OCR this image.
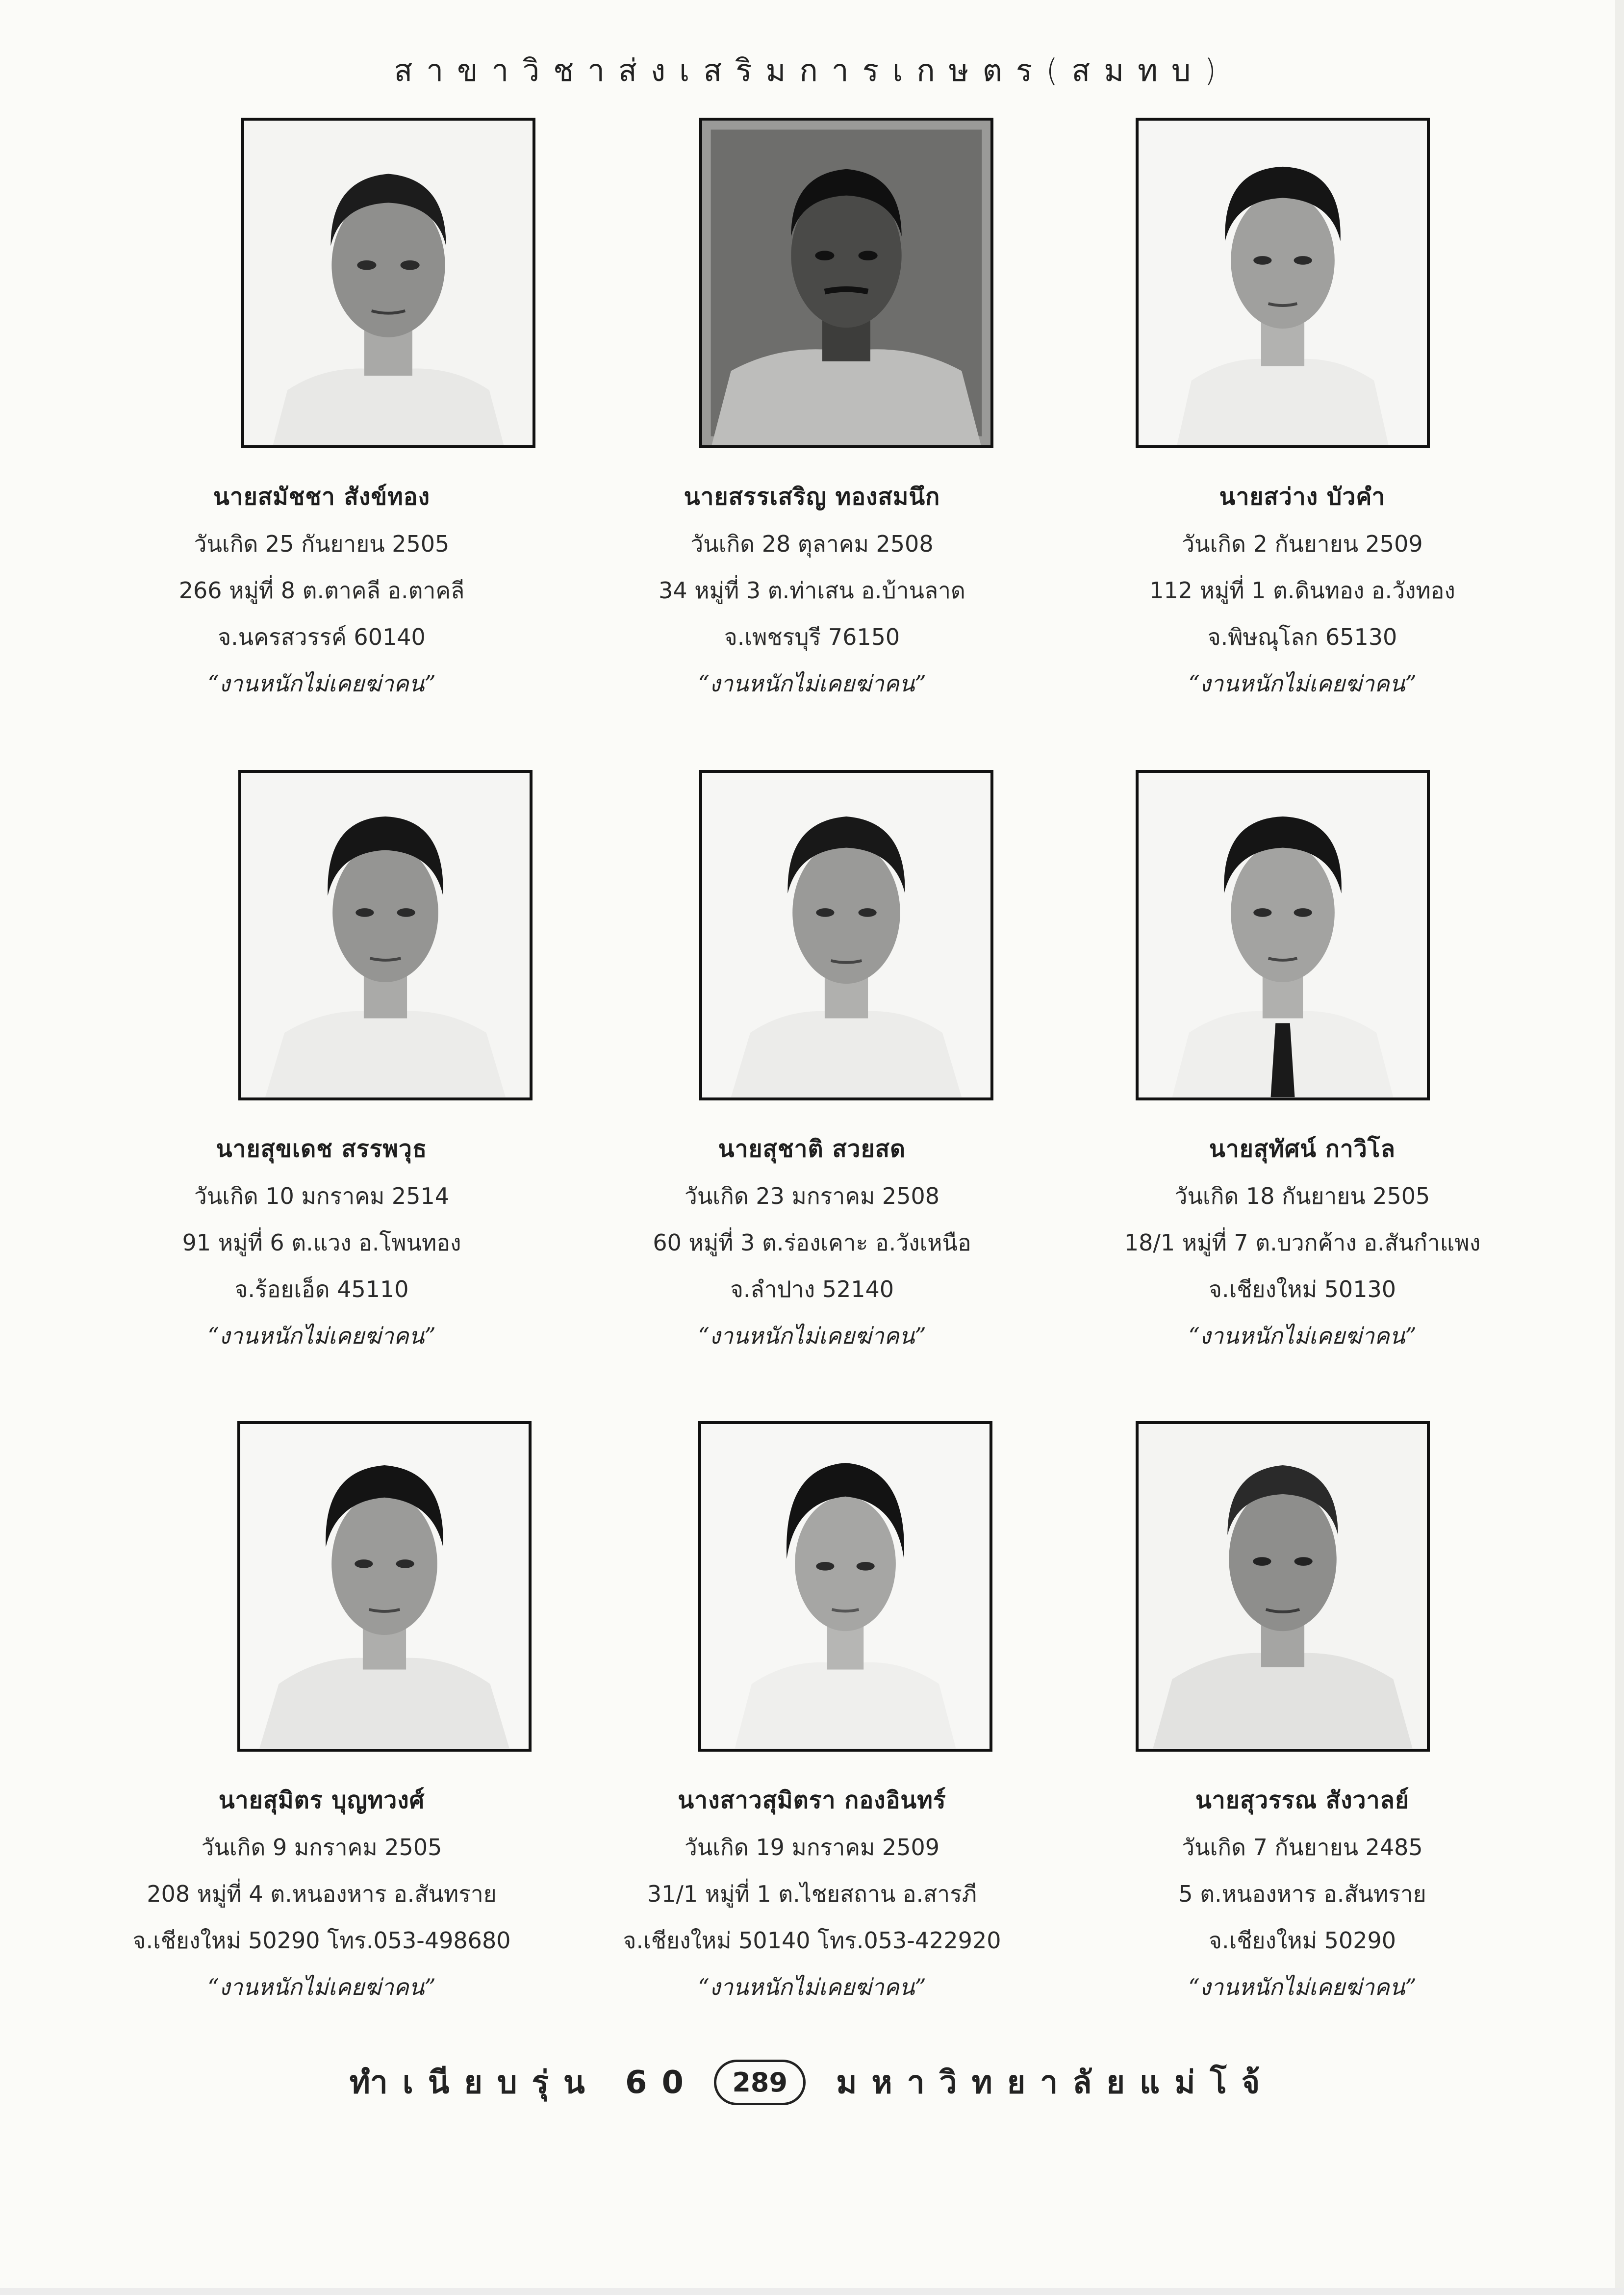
สาขาวิชาส่งเสริมการเกษตร(สมทบ)
นายสมัชชา สังข์ทอง
วันเกิด 25 กันยายน 2505
266 หมู่ที่ 8 ต.ตาคลี อ.ตาคลี
จ.นครสวรรค์ 60140
“งานหนักไม่เคยฆ่าคน”
นายสรรเสริญ ทองสมนึก
วันเกิด 28 ตุลาคม 2508
34 หมู่ที่ 3 ต.ท่าเสน อ.บ้านลาด
จ.เพชรบุรี 76150
“งานหนักไม่เคยฆ่าคน”
นายสว่าง บัวคำ
วันเกิด 2 กันยายน 2509
112 หมู่ที่ 1 ต.ดินทอง อ.วังทอง
จ.พิษณุโลก 65130
“งานหนักไม่เคยฆ่าคน”
นายสุขเดช สรรพวุธ
วันเกิด 10 มกราคม 2514
91 หมู่ที่ 6 ต.แวง อ.โพนทอง
จ.ร้อยเอ็ด 45110
“งานหนักไม่เคยฆ่าคน”
นายสุชาติ สวยสด
วันเกิด 23 มกราคม 2508
60 หมู่ที่ 3 ต.ร่องเคาะ อ.วังเหนือ
จ.ลำปาง 52140
“งานหนักไม่เคยฆ่าคน”
นายสุทัศน์ กาวิโล
วันเกิด 18 กันยายน 2505
18/1 หมู่ที่ 7 ต.บวกค้าง อ.สันกำแพง
จ.เชียงใหม่ 50130
“งานหนักไม่เคยฆ่าคน”
นายสุมิตร บุญทวงศ์
วันเกิด 9 มกราคม 2505
208 หมู่ที่ 4 ต.หนองหาร อ.สันทราย
จ.เชียงใหม่ 50290 โทร.053-498680
“งานหนักไม่เคยฆ่าคน”
นางสาวสุมิตรา กองอินทร์
วันเกิด 19 มกราคม 2509
31/1 หมู่ที่ 1 ต.ไชยสถาน อ.สารภี
จ.เชียงใหม่ 50140 โทร.053-422920
“งานหนักไม่เคยฆ่าคน”
นายสุวรรณ สังวาลย์
วันเกิด 7 กันยายน 2485
5 ต.หนองหาร อ.สันทราย
จ.เชียงใหม่ 50290
“งานหนักไม่เคยฆ่าคน”
ทำเนียบรุ่น 60 289 มหาวิทยาลัยแม่โจ้
